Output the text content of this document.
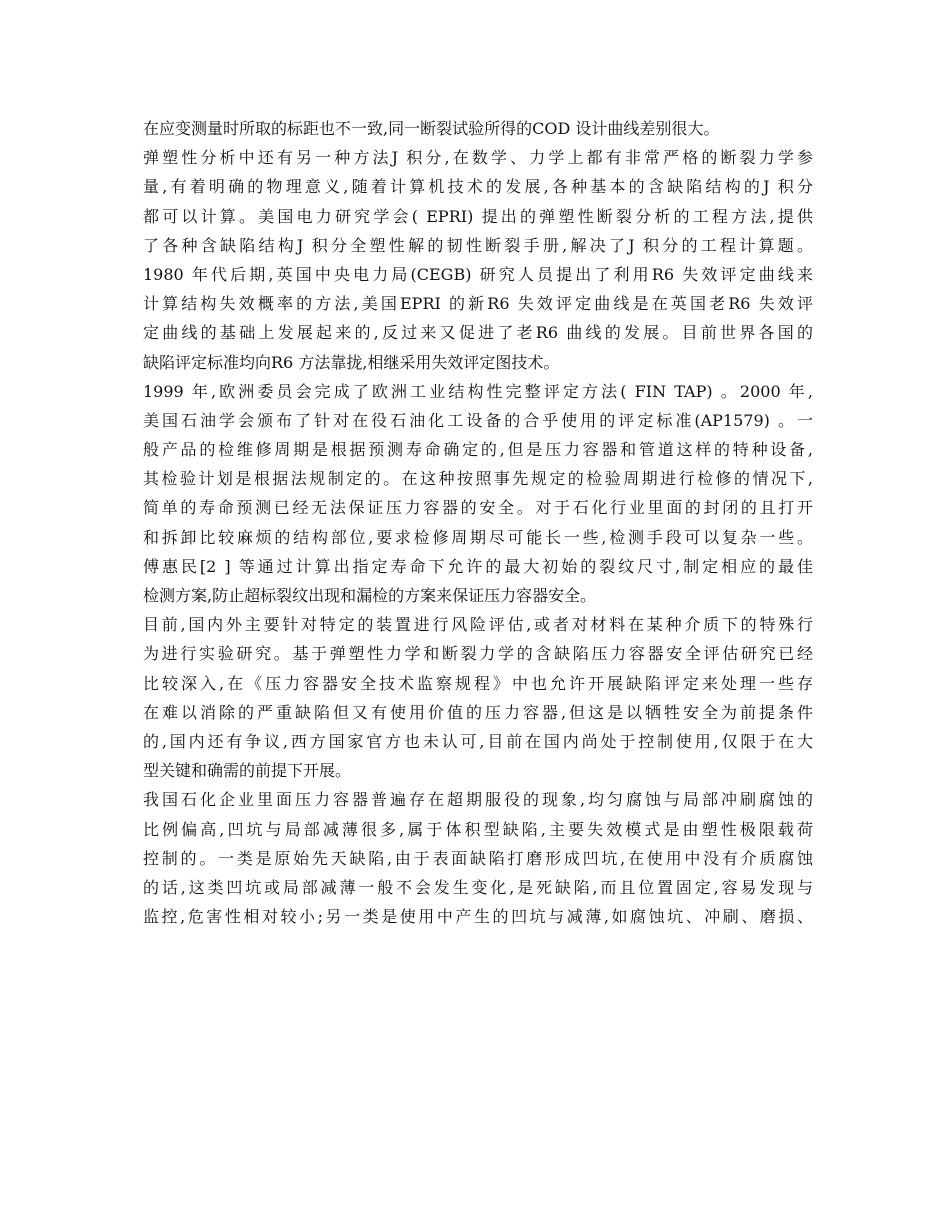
在应变测量时所取的标距也不一致,同一断裂试验所得的COD 设计曲线差别很大。
弹塑性分析中还有另一种方法J 积分,在数学、力学上都有非常严格的断裂力学参
量,有着明确的物理意义,随着计算机技术的发展,各种基本的含缺陷结构的J 积分
都可以计算。美国电力研究学会( EPRI) 提出的弹塑性断裂分析的工程方法,提供
了各种含缺陷结构J 积分全塑性解的韧性断裂手册,解决了J 积分的工程计算题。
1980 年代后期,英国中央电力局(CEGB) 研究人员提出了利用R6 失效评定曲线来
计算结构失效概率的方法,美国EPRI 的新R6 失效评定曲线是在英国老R6 失效评
定曲线的基础上发展起来的,反过来又促进了老R6 曲线的发展。目前世界各国的
缺陷评定标准均向R6 方法靠拢,相继采用失效评定图技术。
1999 年,欧洲委员会完成了欧洲工业结构性完整评定方法( FIN TAP) 。2000 年,
美国石油学会颁布了针对在役石油化工设备的合乎使用的评定标准(AP1579) 。一
般产品的检维修周期是根据预测寿命确定的,但是压力容器和管道这样的特种设备,
其检验计划是根据法规制定的。在这种按照事先规定的检验周期进行检修的情况下,
简单的寿命预测已经无法保证压力容器的安全。对于石化行业里面的封闭的且打开
和拆卸比较麻烦的结构部位,要求检修周期尽可能长一些,检测手段可以复杂一些。
傅惠民[2 ] 等通过计算出指定寿命下允许的最大初始的裂纹尺寸,制定相应的最佳
检测方案,防止超标裂纹出现和漏检的方案来保证压力容器安全。
目前,国内外主要针对特定的装置进行风险评估,或者对材料在某种介质下的特殊行
为进行实验研究。基于弹塑性力学和断裂力学的含缺陷压力容器安全评估研究已经
比较深入,在《压力容器安全技术监察规程》中也允许开展缺陷评定来处理一些存
在难以消除的严重缺陷但又有使用价值的压力容器,但这是以牺牲安全为前提条件
的,国内还有争议,西方国家官方也未认可,目前在国内尚处于控制使用,仅限于在大
型关键和确需的前提下开展。
我国石化企业里面压力容器普遍存在超期服役的现象,均匀腐蚀与局部冲刷腐蚀的
比例偏高,凹坑与局部减薄很多,属于体积型缺陷,主要失效模式是由塑性极限载荷
控制的。一类是原始先天缺陷,由于表面缺陷打磨形成凹坑,在使用中没有介质腐蚀
的话,这类凹坑或局部减薄一般不会发生变化,是死缺陷,而且位置固定,容易发现与
监控,危害性相对较小;另一类是使用中产生的凹坑与减薄,如腐蚀坑、冲刷、磨损、
